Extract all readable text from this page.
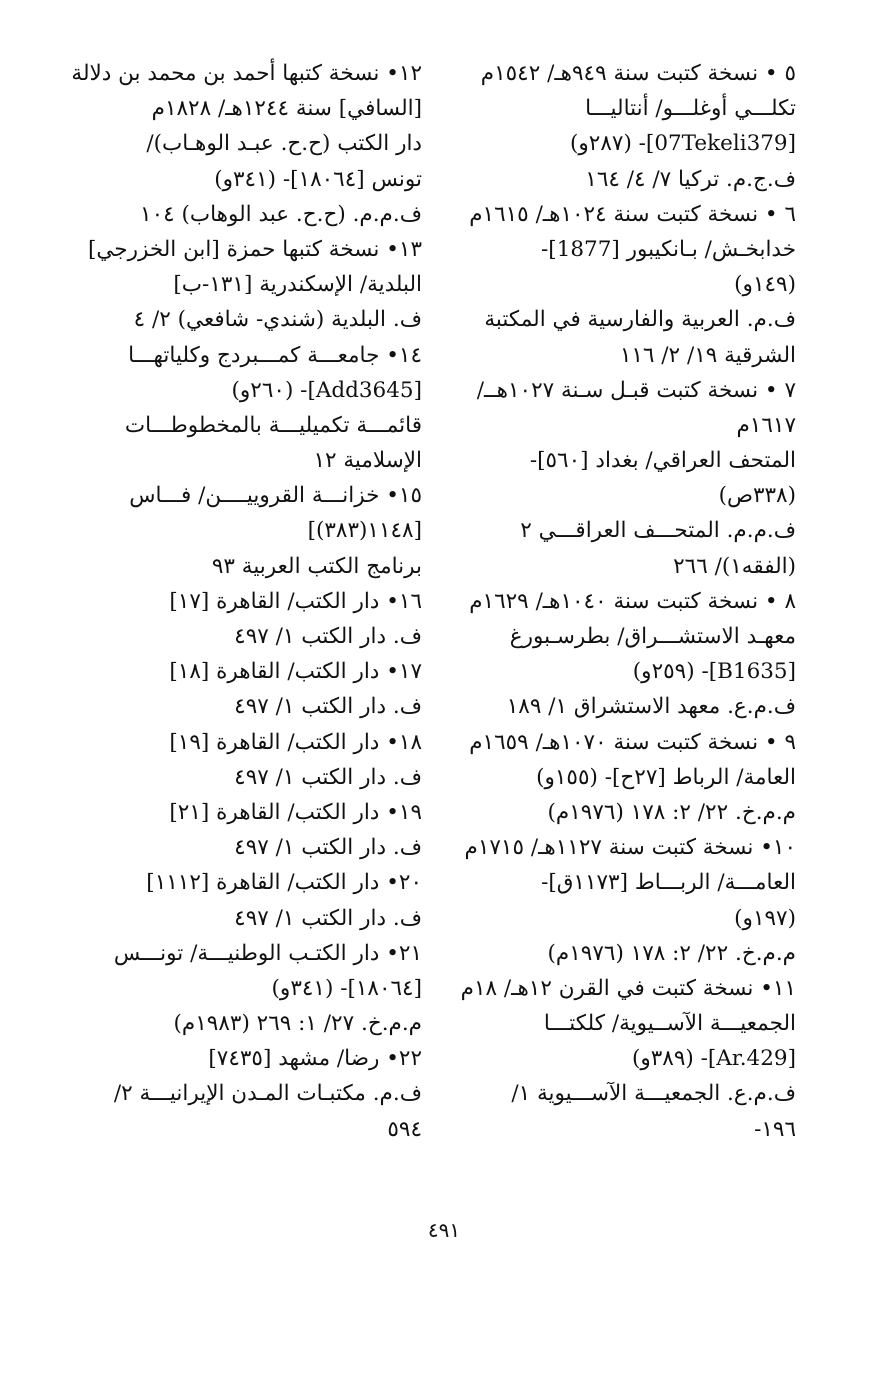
٥ • نسخة كتبت سنة ٩٤٩هـ/ ١٥٤٢م
تكلـــي أوغلـــو/ أنتاليـــا
[07Tekeli379]- (٢٨٧و)
ف.ج.م. تركيا ٧/ ٤/ ١٦٤
٦ • نسخة كتبت سنة ١٠٢٤هـ/ ١٦١٥م
خدابخـش/ بـانكيبور [1877]-
(١٤٩و)
ف.م. العربية والفارسية في المكتبة
الشرقية ١٩/ ٢/ ١١٦
٧ • نسخة كتبت قبـل سـنة ١٠٢٧هــ/
١٦١٧م
المتحف العراقي/ بغداد [٥٦٠]-
(٣٣٨ص)
ف.م.م. المتحـــف العراقـــي ٢
(الفقه١)/ ٢٦٦
٨ • نسخة كتبت سنة ١٠٤٠هـ/ ١٦٢٩م
معهـد الاستشـــراق/ بطرسـبورغ
[B1635]- (٢٥٩و)
ف.م.ع. معهد الاستشراق ١/ ١٨٩
٩ • نسخة كتبت سنة ١٠٧٠هـ/ ١٦٥٩م
العامة/ الرباط [٢٧ح]- (١٥٥و)
م.م.خ. ٢٢/ ٢: ١٧٨ (١٩٧٦م)
١٠• نسخة كتبت سنة ١١٢٧هـ/ ١٧١٥م
العامـــة/ الربـــاط [١١٧٣ق]-
(١٩٧و)
م.م.خ. ٢٢/ ٢: ١٧٨ (١٩٧٦م)
١١• نسخة كتبت في القرن ١٢هـ/ ١٨م
الجمعيـــة الآســيوية/ كلكتـــا
[Ar.429]- (٣٨٩و)
ف.م.ع. الجمعيـــة الآســـيوية ١/
١٩٦-
١٢• نسخة كتبها أحمد بن محمد بن دلالة
[السافي] سنة ١٢٤٤هـ/ ١٨٢٨م
دار الكتب (ح.ح. عبـد الوهـاب)/
تونس [١٨٠٦٤]- (٣٤١و)
ف.م.م. (ح.ح. عبد الوهاب) ١٠٤
١٣• نسخة كتبها حمزة [ابن الخزرجي]
البلدية/ الإسكندرية [١٣١-ب]
ف. البلدية (شندي- شافعي) ٢/ ٤
١٤• جامعـــة كمـــبردج وكلياتهـــا
[Add3645]- (٢٦٠و)
قائمـــة تكميليـــة بالمخطوطـــات
الإسلامية ١٢
١٥• خزانـــة القروييــــن/ فـــاس
[١١٤٨(٣٨٣)]
برنامج الكتب العربية ٩٣
١٦• دار الكتب/ القاهرة [١٧]
ف. دار الكتب ١/ ٤٩٧
١٧• دار الكتب/ القاهرة [١٨]
ف. دار الكتب ١/ ٤٩٧
١٨• دار الكتب/ القاهرة [١٩]
ف. دار الكتب ١/ ٤٩٧
١٩• دار الكتب/ القاهرة [٢١]
ف. دار الكتب ١/ ٤٩٧
٢٠• دار الكتب/ القاهرة [١١١٢]
ف. دار الكتب ١/ ٤٩٧
٢١• دار الكتـب الوطنيـــة/ تونـــس
[١٨٠٦٤]- (٣٤١و)
م.م.خ. ٢٧/ ١: ٢٦٩ (١٩٨٣م)
٢٢• رضا/ مشهد [٧٤٣٥]
ف.م. مكتبـات المـدن الإيرانيـــة ٢/
٥٩٤
٤٩١
